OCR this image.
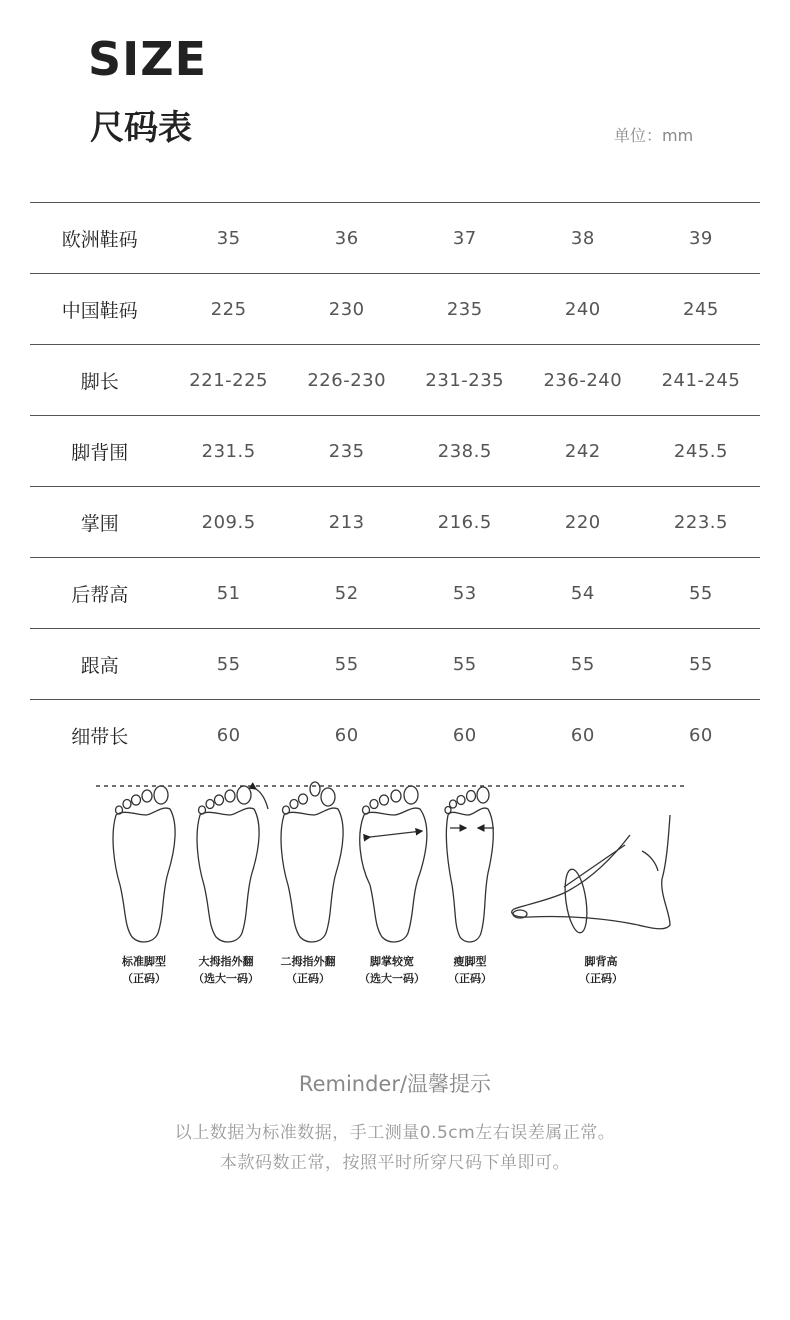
SIZE
尺码表	单位：mm
欧洲鞋码	35	36	37	38	39
中国鞋码	225	230	235	240	245
脚长	221-225	226-230	231-235	236-240	241-245
脚背围	231.5	235	238.5	242	245.5
掌围	209.5	213	216.5	220	223.5
后帮高	51	52	53	54	55
跟高	55	55	55	55	55
细带长	60	60	60	60	60
标准脚型
（正码）
大拇指外翻
（选大一码）
二拇指外翻
（正码）
脚掌较宽
（选大一码）
瘦脚型
（正码）
脚背高
（正码）
Reminder/温馨提示
以上数据为标准数据，手工测量0.5cm左右误差属正常。
本款码数正常，按照平时所穿尺码下单即可。
